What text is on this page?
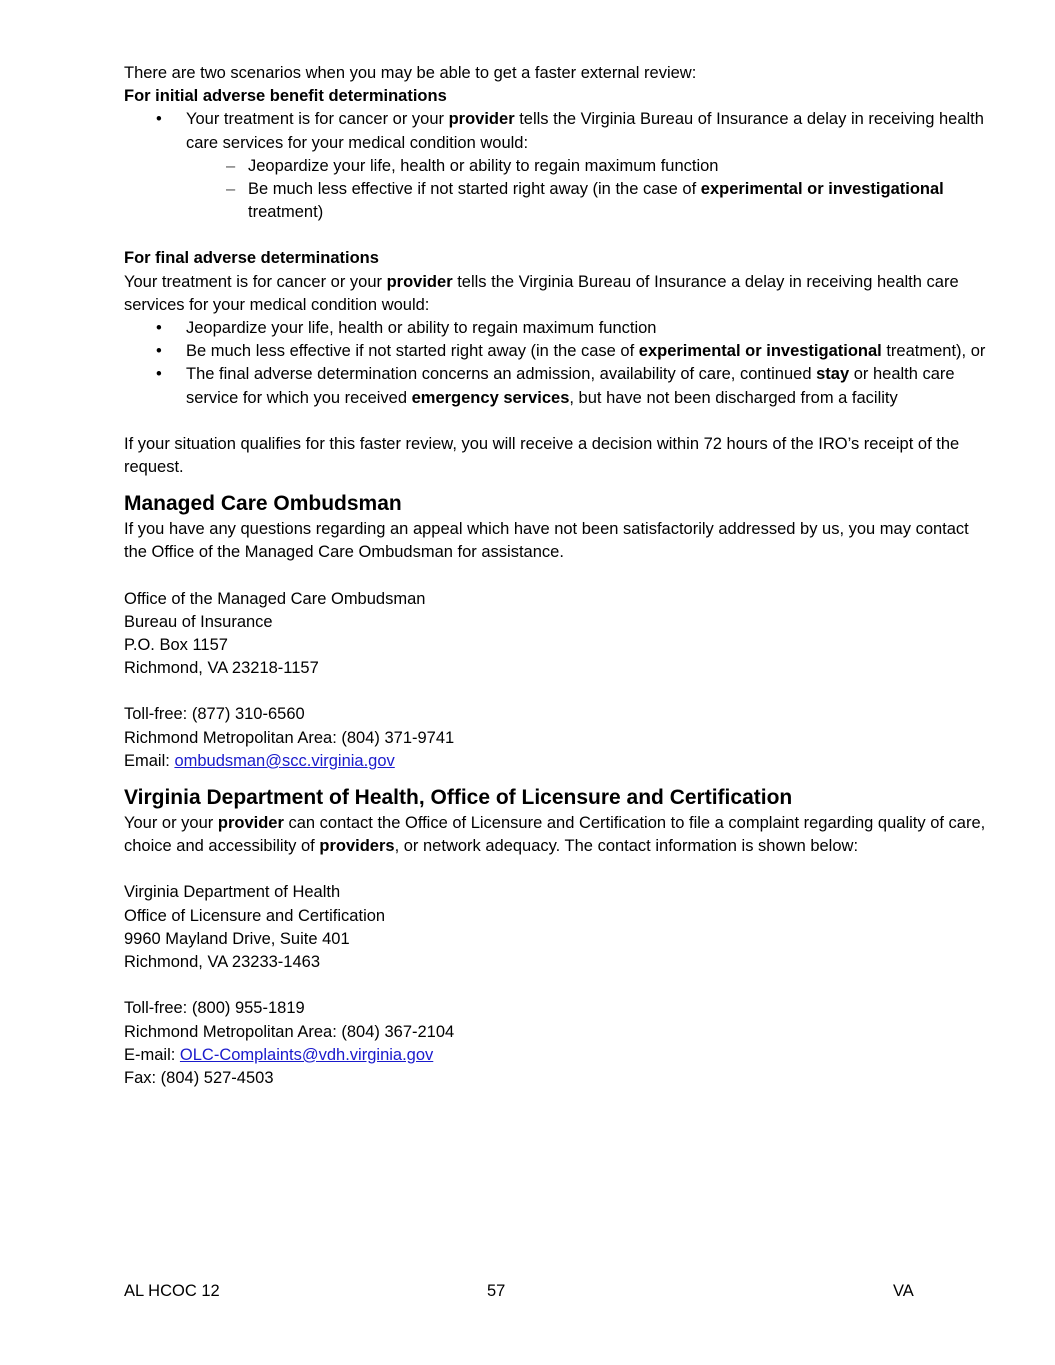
There are two scenarios when you may be able to get a faster external review:

For initial adverse benefit determinations

• Your treatment is for cancer or your provider tells the Virginia Bureau of Insurance a delay in receiving health care services for your medical condition would:
– Jeopardize your life, health or ability to regain maximum function
– Be much less effective if not started right away (in the case of experimental or investigational treatment)

For final adverse determinations

Your treatment is for cancer or your provider tells the Virginia Bureau of Insurance a delay in receiving health care services for your medical condition would:

• Jeopardize your life, health or ability to regain maximum function
• Be much less effective if not started right away (in the case of experimental or investigational treatment), or
• The final adverse determination concerns an admission, availability of care, continued stay or health care service for which you received emergency services, but have not been discharged from a facility

If your situation qualifies for this faster review, you will receive a decision within 72 hours of the IRO’s receipt of the request.

Managed Care Ombudsman

If you have any questions regarding an appeal which have not been satisfactorily addressed by us, you may contact the Office of the Managed Care Ombudsman for assistance.

Office of the Managed Care Ombudsman

Bureau of Insurance

P.O. Box 1157

Richmond, VA 23218-1157

Toll-free: (877) 310-6560

Richmond Metropolitan Area: (804) 371-9741

Email: ombudsman@scc.virginia.gov

Virginia Department of Health, Office of Licensure and Certification

Your or your provider can contact the Office of Licensure and Certification to file a complaint regarding quality of care, choice and accessibility of providers, or network adequacy. The contact information is shown below:

Virginia Department of Health

Office of Licensure and Certification

9960 Mayland Drive, Suite 401

Richmond, VA 23233-1463

Toll-free: (800) 955-1819

Richmond Metropolitan Area: (804) 367-2104

E-mail: OLC-Complaints@vdh.virginia.gov

Fax: (804) 527-4503

AL HCOC 12	57	VA
